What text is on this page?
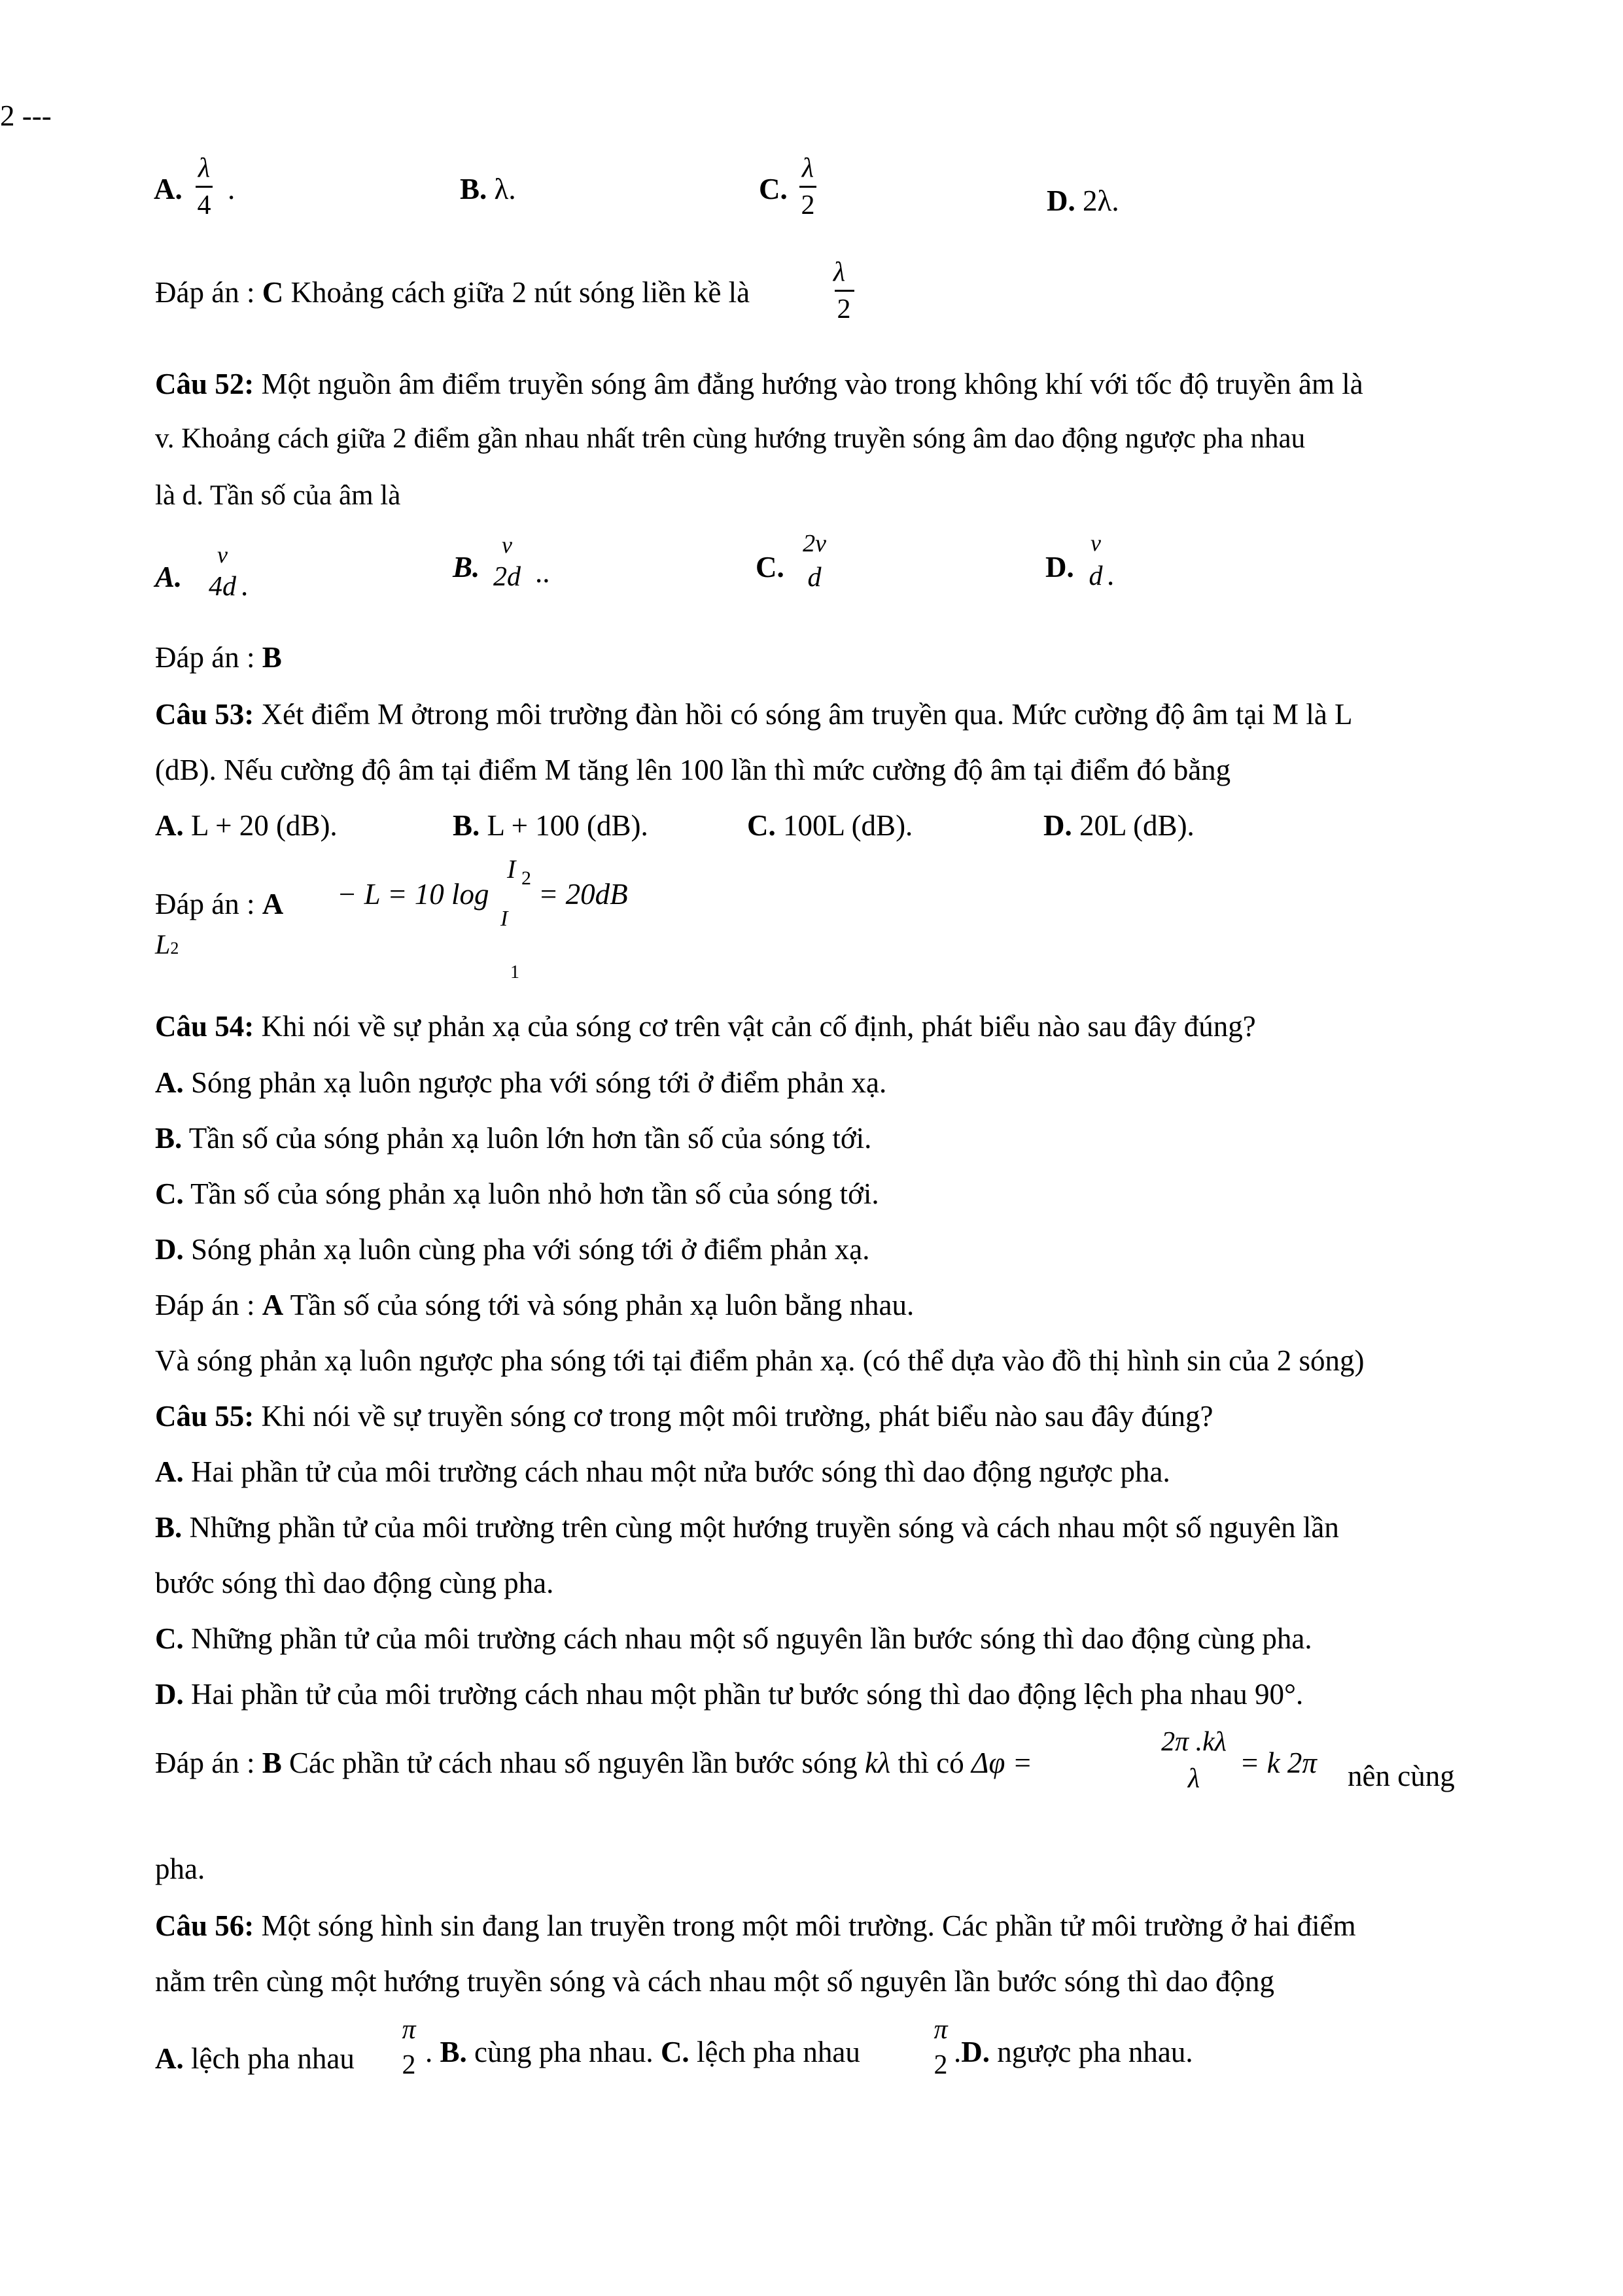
2 ---
A.
λ
4 .	B. λ.	C.
λ
2	D. 2λ.
Đáp án : C Khoảng cách giữa 2 nút sóng liền kề là
λ
2
Câu 52: Một nguồn âm điểm truyền sóng âm đẳng hướng vào trong không khí với tốc độ truyền âm là
v. Khoảng cách giữa 2 điểm gần nhau nhất trên cùng hướng truyền sóng âm dao động ngược pha nhau
là d. Tần số của âm là
A.
v
4d .
B.
v
2d ..	C.
2v
d	D.
v
d .
Đáp án : B
Câu 53: Xét điểm M ởtrong môi trường đàn hồi có sóng âm truyền qua. Mức cường độ âm tại M là L
(dB). Nếu cường độ âm tại điểm M tăng lên 100 lần thì mức cường độ âm tại điểm đó bằng
A. L + 20 (dB).	B. L + 100 (dB).	C. 100L (dB).	D. 20L (dB).
Đáp án : A − L = 10 log
I 2
I
= 20dB
L2
1
Câu 54: Khi nói về sự phản xạ của sóng cơ trên vật cản cố định, phát biểu nào sau đây đúng?
A. Sóng phản xạ luôn ngược pha với sóng tới ở điểm phản xạ.
B. Tần số của sóng phản xạ luôn lớn hơn tần số của sóng tới.
C. Tần số của sóng phản xạ luôn nhỏ hơn tần số của sóng tới.
D. Sóng phản xạ luôn cùng pha với sóng tới ở điểm phản xạ.
Đáp án : A Tần số của sóng tới và sóng phản xạ luôn bằng nhau.
Và sóng phản xạ luôn ngược pha sóng tới tại điểm phản xạ. (có thể dựa vào đồ thị hình sin của 2 sóng)
Câu 55: Khi nói về sự truyền sóng cơ trong một môi trường, phát biểu nào sau đây đúng?
A. Hai phần tử của môi trường cách nhau một nửa bước sóng thì dao động ngược pha.
B. Những phần tử của môi trường trên cùng một hướng truyền sóng và cách nhau một số nguyên lần
bước sóng thì dao động cùng pha.
C. Những phần tử của môi trường cách nhau một số nguyên lần bước sóng thì dao động cùng pha.
D. Hai phần tử của môi trường cách nhau một phần tư bước sóng thì dao động lệch pha nhau 90°.
Đáp án : B Các phần tử cách nhau số nguyên lần bước sóng kλ thì có Δφ =
2π .kλ
λ	= k 2π nên cùng
pha.
Câu 56: Một sóng hình sin đang lan truyền trong một môi trường. Các phần tử môi trường ở hai điểm
nằm trên cùng một hướng truyền sóng và cách nhau một số nguyên lần bước sóng thì dao động
A. lệch pha nhau
π
2 . B. cùng pha nhau. C. lệch pha nhau
π
2 .D. ngược pha nhau.
